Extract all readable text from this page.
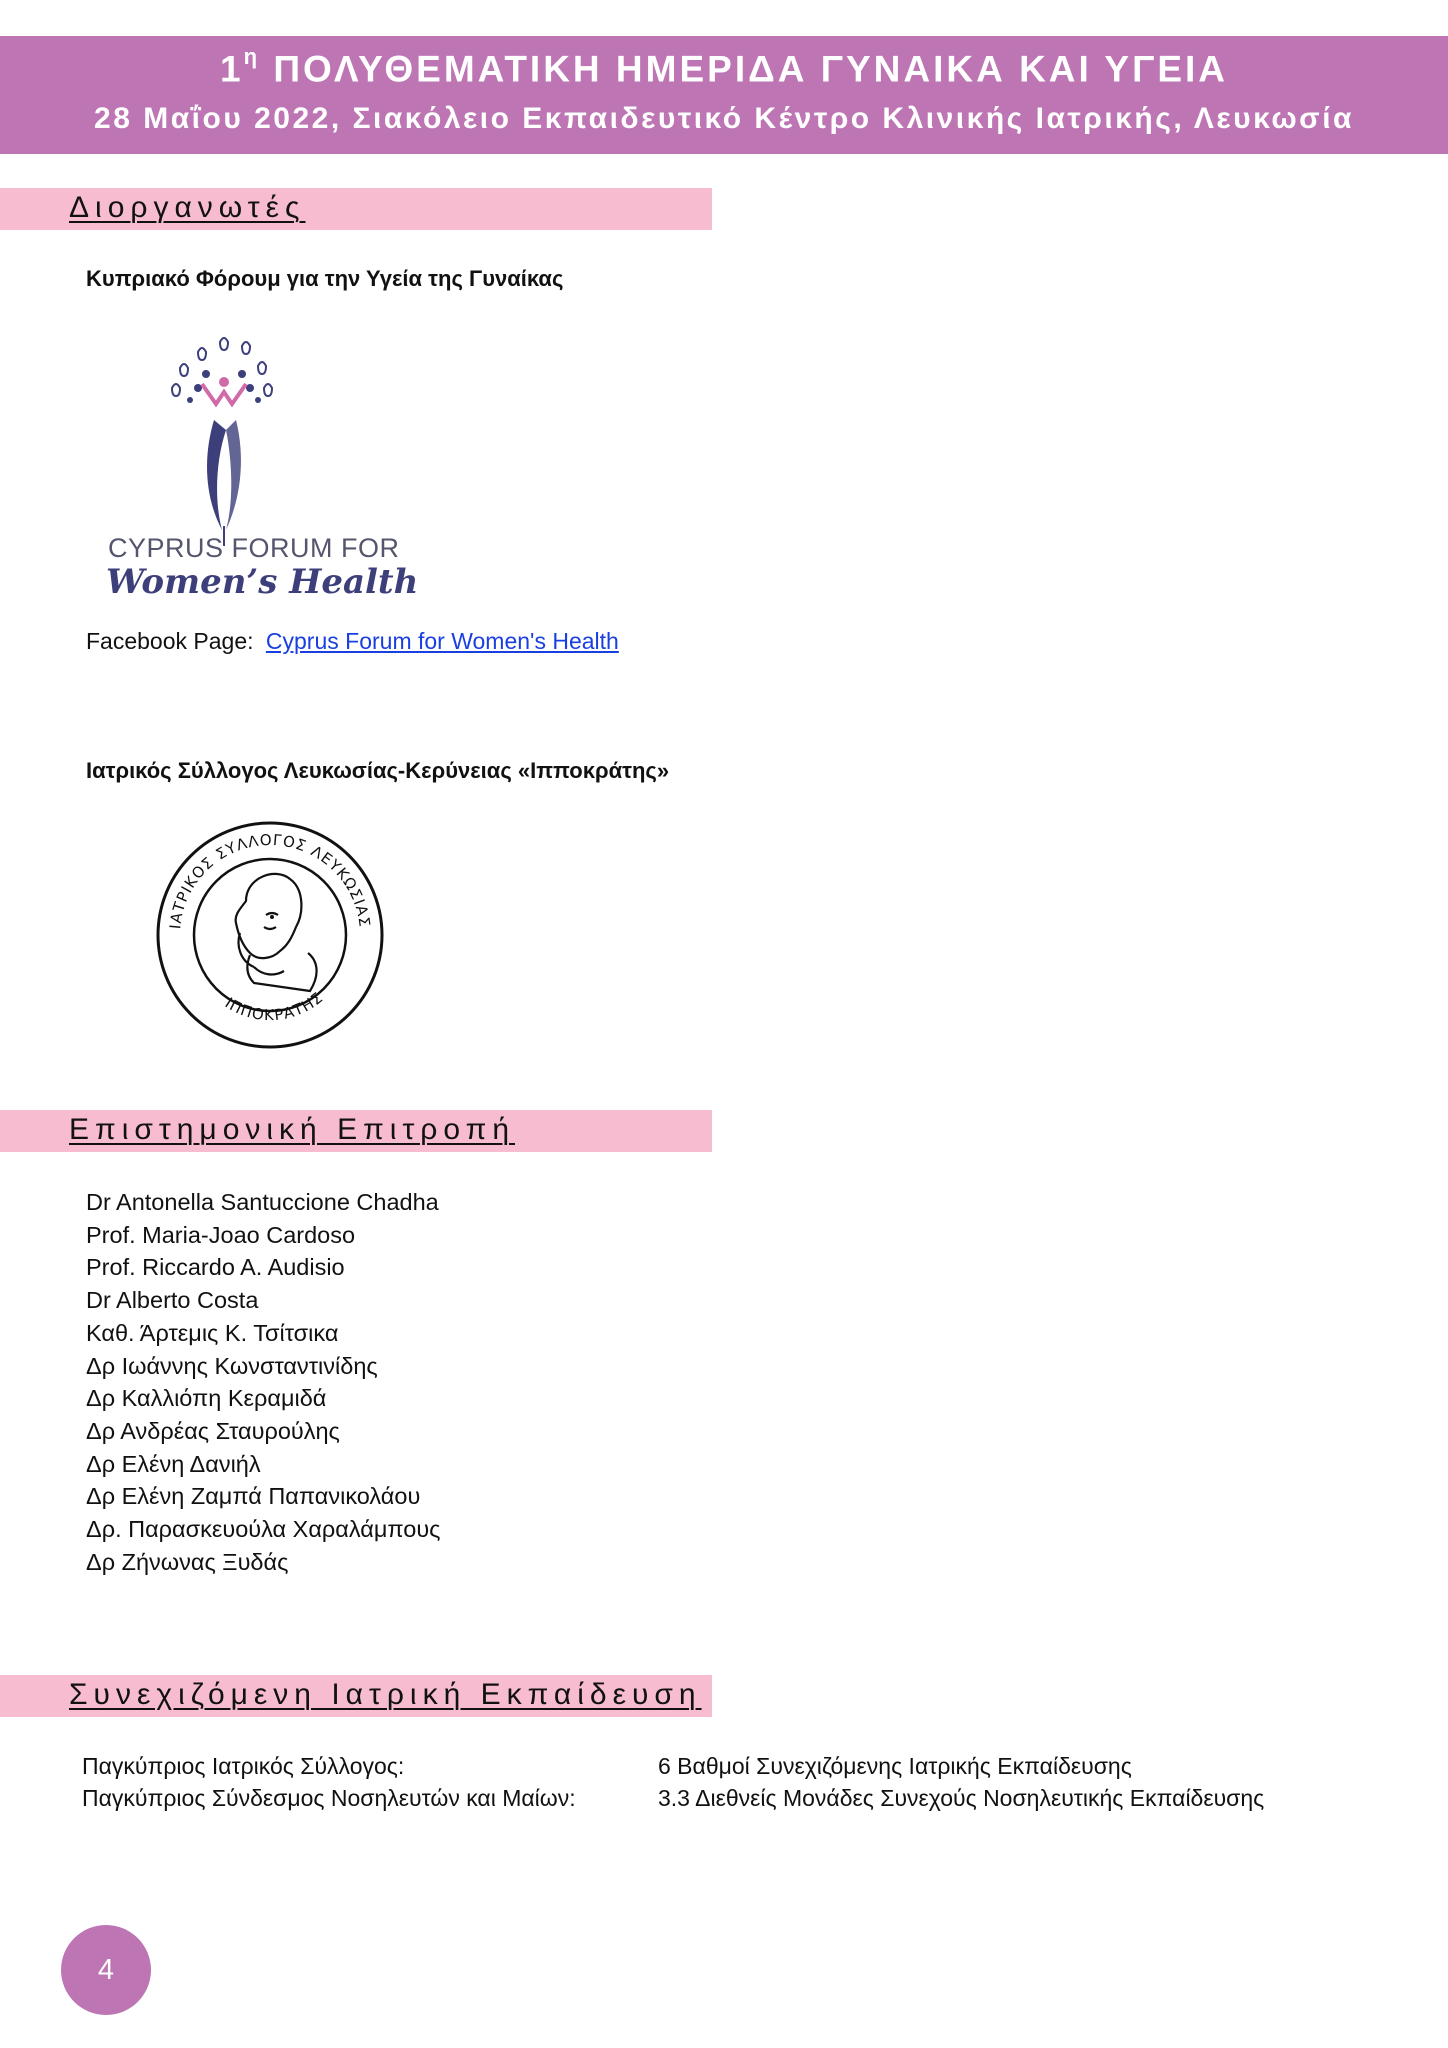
$1^\eta$ ΠΟΛΥΘΕΜΑΤΙΚΗ ΗΜΕΡΙΔΑ ΓΥΝΑΙΚΑ ΚΑΙ ΥΓΕΙΑ
28 Μαΐου 2022, Σιακόλειο Εκπαιδευτικό Κέντρο Κλινικής Ιατρικής, Λευκωσία
Διοργανωτές
Κυπριακό Φόρουμ για την Υγεία της Γυναίκας
CYPRUS FORUM FOR
Women’s Health
Facebook Page: Cyprus Forum for Women's Health
Ιατρικός Σύλλογος Λευκωσίας-Κερύνειας «Ιπποκράτης»
ΙΑΤΡΙΚΟΣ ΣΥΛΛΟΓΟΣ ΛΕΥΚΩΣΙΑΣ
ΙΠΠΟΚΡΑΤΗΣ
Επιστημονική Επιτροπή
Dr Antonella Santuccione Chadha
Prof. Maria-Joao Cardoso
Prof. Riccardo A. Audisio
Dr Alberto Costa
Καθ. Άρτεμις Κ. Τσίτσικα
Δρ Ιωάννης Κωνσταντινίδης
Δρ Καλλιόπη Κεραμιδά
Δρ Ανδρέας Σταυρούλης
Δρ Ελένη Δανιήλ
Δρ Ελένη Ζαμπά Παπανικολάου
Δρ. Παρασκευούλα Χαραλάμπους
Δρ Ζήνωνας Ξυδάς
Συνεχιζόμενη Ιατρική Εκπαίδευση
Παγκύπριος Ιατρικός Σύλλογος:	6 Βαθμοί Συνεχιζόμενης Ιατρικής Εκπαίδευσης
Παγκύπριος Σύνδεσμος Νοσηλευτών και Μαίων:	3.3 Διεθνείς Μονάδες Συνεχούς Νοσηλευτικής Εκπαίδευσης
4
